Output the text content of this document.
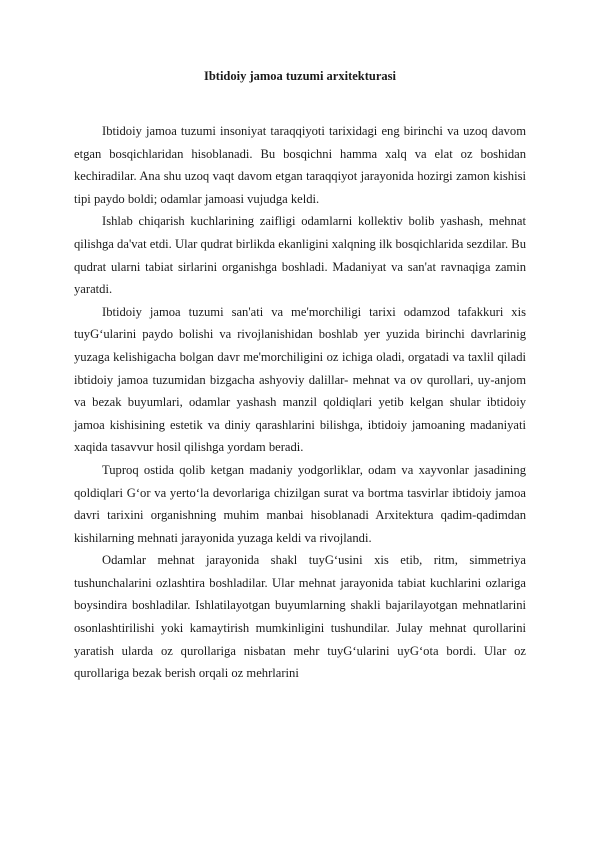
Ibtidoiy jamoa tuzumi arxitekturasi

Ibtidoiy jamoa tuzumi insoniyat taraqqiyoti tarixidagi eng birinchi va uzoq davom etgan bosqichlaridan hisoblanadi. Bu bosqichni hamma xalq va elat oz boshidan kechiradilar. Ana shu uzoq vaqt davom etgan taraqqiyot jarayonida hozirgi zamon kishisi tipi paydo boldi; odamlar jamoasi vujudga keldi.

Ishlab chiqarish kuchlarining zaifligi odamlarni kollektiv bolib yashash, mehnat qilishga da'vat etdi. Ular qudrat birlikda ekanligini xalqning ilk bosqichlarida sezdilar. Bu qudrat ularni tabiat sirlarini organishga boshladi. Madaniyat va san'at ravnaqiga zamin yaratdi.

Ibtidoiy jamoa tuzumi san'ati va me'morchiligi tarixi odamzod tafakkuri xis tuyG‘ularini paydo bolishi va rivojlanishidan boshlab yer yuzida birinchi davrlarinig yuzaga kelishigacha bolgan davr me'morchiligini oz ichiga oladi, orgatadi va taxlil qiladi ibtidoiy jamoa tuzumidan bizgacha ashyoviy dalillar- mehnat va ov qurollari, uy-anjom va bezak buyumlari, odamlar yashash manzil qoldiqlari yetib kelgan shular ibtidoiy jamoa kishisining estetik va diniy qarashlarini bilishga, ibtidoiy jamoaning madaniyati xaqida tasavvur hosil qilishga yordam beradi.

Tuproq ostida qolib ketgan madaniy yodgorliklar, odam va xayvonlar jasadining qoldiqlari G‘or va yerto‘la devorlariga chizilgan surat va bortma tasvirlar ibtidoiy jamoa davri tarixini organishning muhim manbai hisoblanadi Arxitektura qadim-qadimdan kishilarning mehnati jarayonida yuzaga keldi va rivojlandi.

Odamlar mehnat jarayonida shakl tuyG‘usini xis etib, ritm, simmetriya tushunchalarini ozlashtira boshladilar. Ular mehnat jarayonida tabiat kuchlarini ozlariga boysindira boshladilar. Ishlatilayotgan buyumlarning shakli bajarilayotgan mehnatlarini osonlashtirilishi yoki kamaytirish mumkinligini tushundilar. Julay mehnat qurollarini yaratish ularda oz qurollariga nisbatan mehr tuyG‘ularini uyG‘ota bordi. Ular oz qurollariga bezak berish orqali oz mehrlarini
